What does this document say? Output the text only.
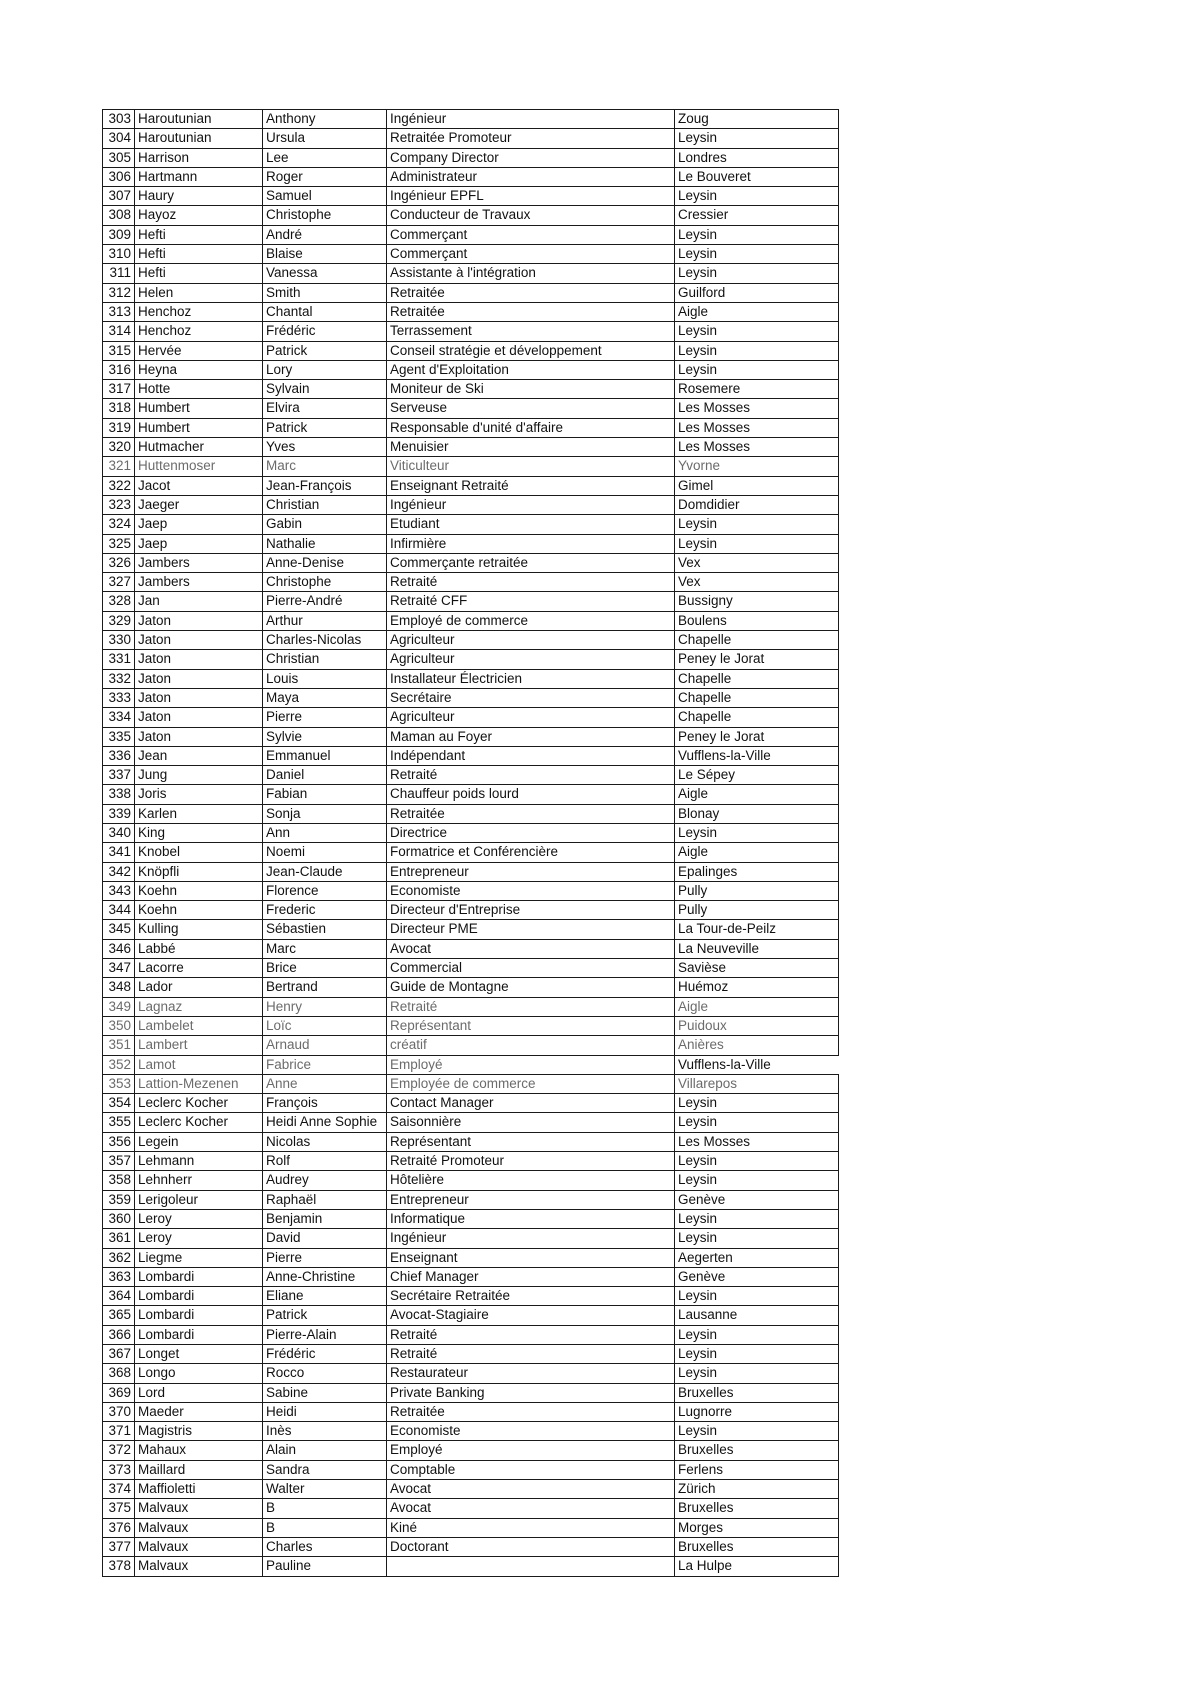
303	Haroutunian	Anthony	Ingénieur	Zoug
304	Haroutunian	Ursula	Retraitée Promoteur	Leysin
305	Harrison	Lee	Company Director	Londres
306	Hartmann	Roger	Administrateur	Le Bouveret
307	Haury	Samuel	Ingénieur EPFL	Leysin
308	Hayoz	Christophe	Conducteur de Travaux	Cressier
309	Hefti	André	Commerçant	Leysin
310	Hefti	Blaise	Commerçant	Leysin
311	Hefti	Vanessa	Assistante à l'intégration	Leysin
312	Helen	Smith	Retraitée	Guilford
313	Henchoz	Chantal	Retraitée	Aigle
314	Henchoz	Frédéric	Terrassement	Leysin
315	Hervée	Patrick	Conseil stratégie et développement	Leysin
316	Heyna	Lory	Agent d'Exploitation	Leysin
317	Hotte	Sylvain	Moniteur de Ski	Rosemere
318	Humbert	Elvira	Serveuse	Les Mosses
319	Humbert	Patrick	Responsable d'unité d'affaire	Les Mosses
320	Hutmacher	Yves	Menuisier	Les Mosses
321	Huttenmoser	Marc	Viticulteur	Yvorne
322	Jacot	Jean-François	Enseignant Retraité	Gimel
323	Jaeger	Christian	Ingénieur	Domdidier
324	Jaep	Gabin	Etudiant	Leysin
325	Jaep	Nathalie	Infirmière	Leysin
326	Jambers	Anne-Denise	Commerçante retraitée	Vex
327	Jambers	Christophe	Retraité	Vex
328	Jan	Pierre-André	Retraité CFF	Bussigny
329	Jaton	Arthur	Employé de commerce	Boulens
330	Jaton	Charles-Nicolas	Agriculteur	Chapelle
331	Jaton	Christian	Agriculteur	Peney le Jorat
332	Jaton	Louis	Installateur Électricien	Chapelle
333	Jaton	Maya	Secrétaire	Chapelle
334	Jaton	Pierre	Agriculteur	Chapelle
335	Jaton	Sylvie	Maman au Foyer	Peney le Jorat
336	Jean	Emmanuel	Indépendant	Vufflens-la-Ville
337	Jung	Daniel	Retraité	Le Sépey
338	Joris	Fabian	Chauffeur poids lourd	Aigle
339	Karlen	Sonja	Retraitée	Blonay
340	King	Ann	Directrice	Leysin
341	Knobel	Noemi	Formatrice et Conférencière	Aigle
342	Knöpfli	Jean-Claude	Entrepreneur	Epalinges
343	Koehn	Florence	Economiste	Pully
344	Koehn	Frederic	Directeur d'Entreprise	Pully
345	Kulling	Sébastien	Directeur PME	La Tour-de-Peilz
346	Labbé	Marc	Avocat	La Neuveville
347	Lacorre	Brice	Commercial	Savièse
348	Lador	Bertrand	Guide de Montagne	Huémoz
349	Lagnaz	Henry	Retraité	Aigle
350	Lambelet	Loïc	Représentant	Puidoux
351	Lambert	Arnaud	créatif	Anières
352	Lamot	Fabrice	Employé	Vufflens-la-Ville
353	Lattion-Mezenen	Anne	Employée de commerce	Villarepos
354	Leclerc Kocher	François	Contact Manager	Leysin
355	Leclerc Kocher	Heidi Anne Sophie	Saisonnière	Leysin
356	Legein	Nicolas	Représentant	Les Mosses
357	Lehmann	Rolf	Retraité Promoteur	Leysin
358	Lehnherr	Audrey	Hôtelière	Leysin
359	Lerigoleur	Raphaël	Entrepreneur	Genève
360	Leroy	Benjamin	Informatique	Leysin
361	Leroy	David	Ingénieur	Leysin
362	Liegme	Pierre	Enseignant	Aegerten
363	Lombardi	Anne-Christine	Chief Manager	Genève
364	Lombardi	Eliane	Secrétaire Retraitée	Leysin
365	Lombardi	Patrick	Avocat-Stagiaire	Lausanne
366	Lombardi	Pierre-Alain	Retraité	Leysin
367	Longet	Frédéric	Retraité	Leysin
368	Longo	Rocco	Restaurateur	Leysin
369	Lord	Sabine	Private Banking	Bruxelles
370	Maeder	Heidi	Retraitée	Lugnorre
371	Magistris	Inès	Economiste	Leysin
372	Mahaux	Alain	Employé	Bruxelles
373	Maillard	Sandra	Comptable	Ferlens
374	Maffioletti	Walter	Avocat	Zürich
375	Malvaux	B	Avocat	Bruxelles
376	Malvaux	B	Kiné	Morges
377	Malvaux	Charles	Doctorant	Bruxelles
378	Malvaux	Pauline		La Hulpe
